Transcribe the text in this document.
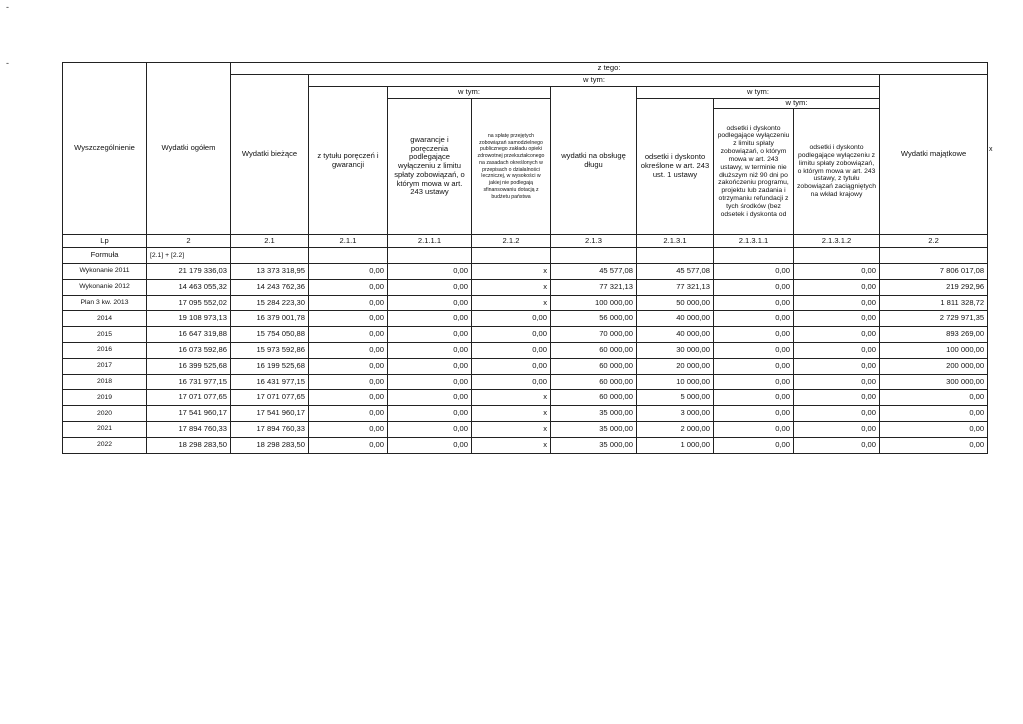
-
-
x
Wyszczególnienie	Wydatki ogółem	z tego:								
		Wydatki bieżące	w tym:							Wydatki majątkowe
			z tytułu poręczeń i gwarancji	w tym:		wydatki na obsługę długu	w tym:			
				gwarancje i poręczenia podlegające wyłączeniu z limitu spłaty zobowiązań, o którym mowa w art. 243 ustawy	na spłatę przejętych zobowiązań samodzielnego publicznego zakładu opieki zdrowotnej przekształconego na zasadach określonych w przepisach o działalności leczniczej, w wysokości w jakiej nie podlegają sfinansowaniu dotacją z budżetu państwa		odsetki i dyskonto określone w art. 243 ust. 1 ustawy	w tym:		
								odsetki i dyskonto podlegające wyłączeniu z limitu spłaty zobowiązań, o którym mowa w art. 243 ustawy, w terminie nie dłuższym niż 90 dni po zakończeniu programu, projektu lub zadania i otrzymaniu refundacji z tych środków (bez odsetek i dyskonta od	odsetki i dyskonto podlegające wyłączeniu z limitu spłaty zobowiązań, o którym mowa w art. 243 ustawy, z tytułu zobowiązań zaciągniętych na wkład krajowy	

Lp	2	2.1	2.1.1	2.1.1.1	2.1.2	2.1.3	2.1.3.1	2.1.3.1.1	2.1.3.1.2	2.2
Formuła	[2.1] + [2.2]									
Wykonanie 2011	21 179 336,03	13 373 318,95	0,00	0,00	x	45 577,08	45 577,08	0,00	0,00	7 806 017,08
Wykonanie 2012	14 463 055,32	14 243 762,36	0,00	0,00	x	77 321,13	77 321,13	0,00	0,00	219 292,96
Plan 3 kw. 2013	17 095 552,02	15 284 223,30	0,00	0,00	x	100 000,00	50 000,00	0,00	0,00	1 811 328,72
2014	19 108 973,13	16 379 001,78	0,00	0,00	0,00	56 000,00	40 000,00	0,00	0,00	2 729 971,35
2015	16 647 319,88	15 754 050,88	0,00	0,00	0,00	70 000,00	40 000,00	0,00	0,00	893 269,00
2016	16 073 592,86	15 973 592,86	0,00	0,00	0,00	60 000,00	30 000,00	0,00	0,00	100 000,00
2017	16 399 525,68	16 199 525,68	0,00	0,00	0,00	60 000,00	20 000,00	0,00	0,00	200 000,00
2018	16 731 977,15	16 431 977,15	0,00	0,00	0,00	60 000,00	10 000,00	0,00	0,00	300 000,00
2019	17 071 077,65	17 071 077,65	0,00	0,00	x	60 000,00	5 000,00	0,00	0,00	0,00
2020	17 541 960,17	17 541 960,17	0,00	0,00	x	35 000,00	3 000,00	0,00	0,00	0,00
2021	17 894 760,33	17 894 760,33	0,00	0,00	x	35 000,00	2 000,00	0,00	0,00	0,00
2022	18 298 283,50	18 298 283,50	0,00	0,00	x	35 000,00	1 000,00	0,00	0,00	0,00
